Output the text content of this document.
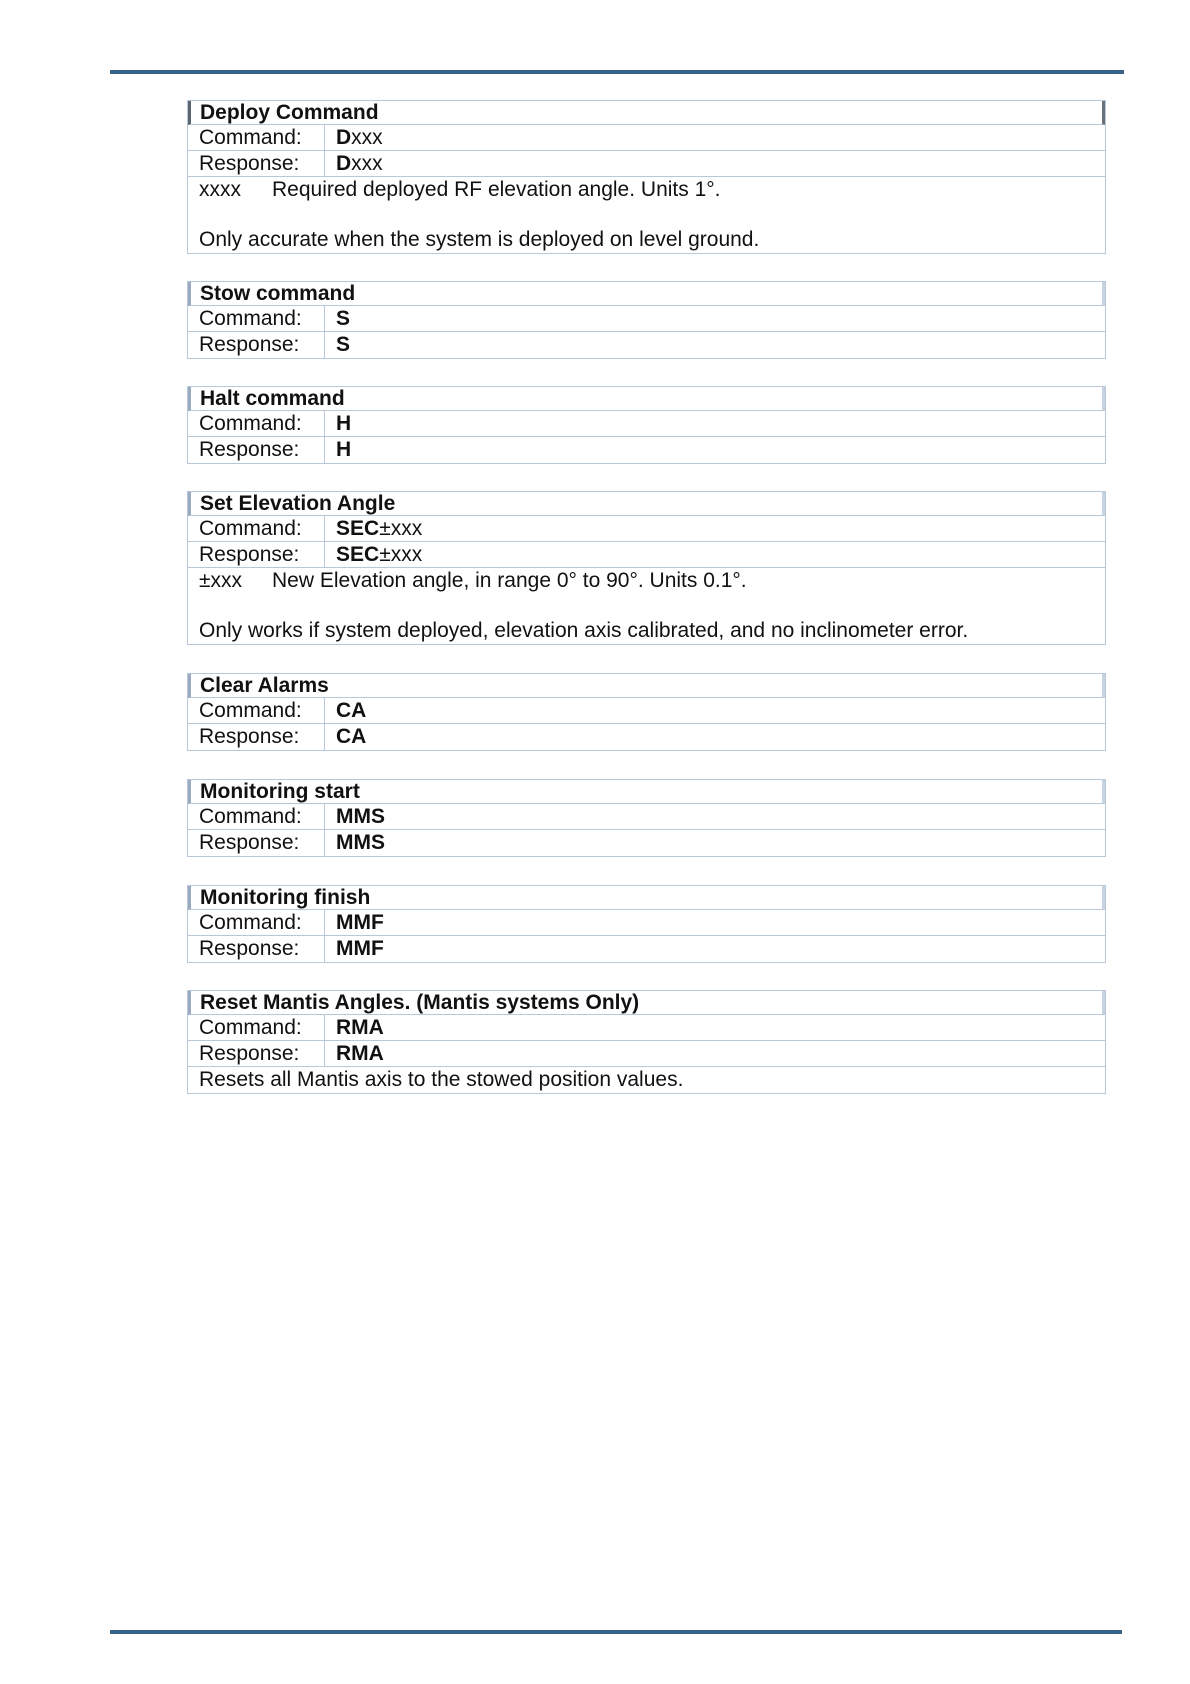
Deploy Command
Command:	Dxxx
Response:	Dxxx
xxxx Required deployed RF elevation angle. Units 1°.
Only accurate when the system is deployed on level ground.
Stow command
Command:	S
Response:	S
Halt command
Command:	H
Response:	H
Set Elevation Angle
Command:	SEC±xxx
Response:	SEC±xxx
±xxx New Elevation angle, in range 0° to 90°. Units 0.1°.
Only works if system deployed, elevation axis calibrated, and no inclinometer error.
Clear Alarms
Command:	CA
Response:	CA
Monitoring start
Command:	MMS
Response:	MMS
Monitoring finish
Command:	MMF
Response:	MMF
Reset Mantis Angles. (Mantis systems Only)
Command:	RMA
Response:	RMA
Resets all Mantis axis to the stowed position values.
